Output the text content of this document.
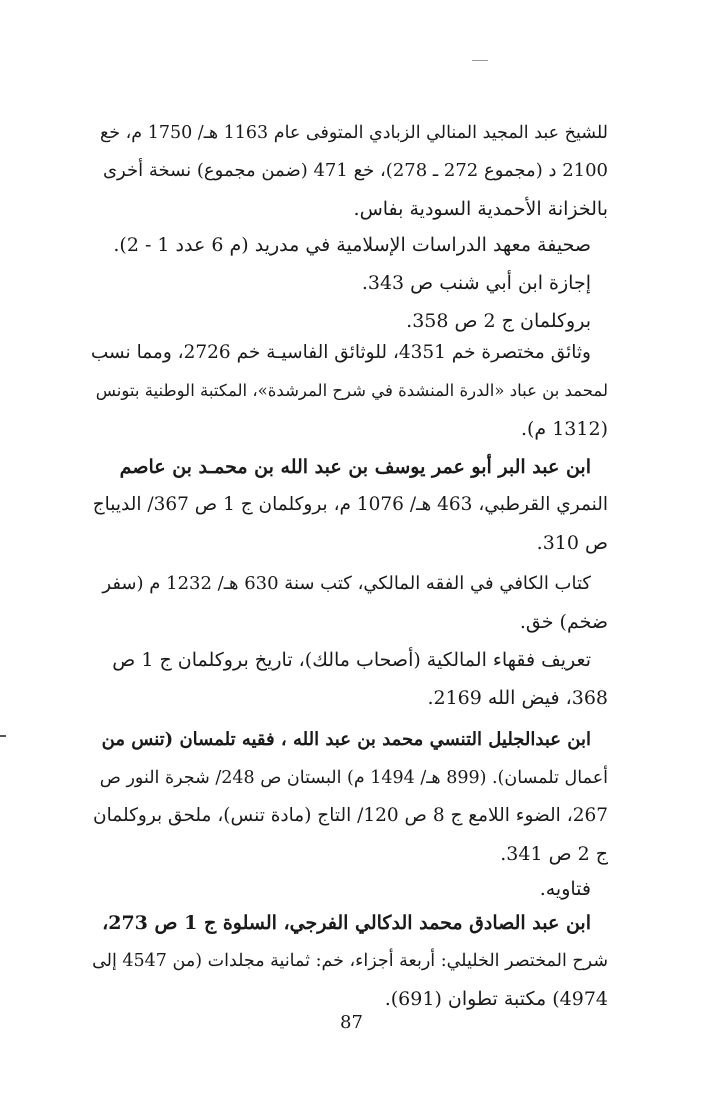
للشيخ عبد المجيد المنالي الزبادي المتوفى عام 1163 هـ/ 1750 م، خع
2100 د (مجموع 272 ـ 278)، خع 471 (ضمن مجموع) نسخة أخرى
بالخزانة الأحمدية السودية بفاس.
صحيفة معهد الدراسات الإسلامية في مدريد (م 6 عدد 1 - 2).
إجازة ابن أبي شنب ص 343.
بروكلمان ج 2 ص 358.
وثائق مختصرة خم 4351، للوثائق الفاسيـة خم 2726، ومما نسب
لمحمد بن عباد «الدرة المنشدة في شرح المرشدة»، المكتبة الوطنية بتونس
(1312 م).
ابن عبد البر أبو عمر يوسف بن عبد الله بن محمـد بن عاصم
النمري القرطبي، 463 هـ/ 1076 م، بروكلمان ج 1 ص 367/ الديباج
ص 310.
كتاب الكافي في الفقه المالكي، كتب سنة 630 هـ/ 1232 م (سفر
ضخم) خق.
تعريف فقهاء المالكية (أصحاب مالك)، تاريخ بروكلمان ج 1 ص
368، فيض الله 2169.
ابن عبدالجليل التنسي محمد بن عبد الله ، فقيه تلمسان (تنس من
أعمال تلمسان). (899 هـ/ 1494 م) البستان ص 248/ شجرة النور ص
267، الضوء اللامع ج 8 ص 120/ التاج (مادة تنس)، ملحق بروكلمان
ج 2 ص 341.
فتاويه.
ابن عبد الصادق محمد الدكالي الفرجي، السلوة ج 1 ص 273،
شرح المختصر الخليلي: أربعة أجزاء، خم: ثمانية مجلدات (من 4547 إلى
4974) مكتبة تطوان (691).
87
